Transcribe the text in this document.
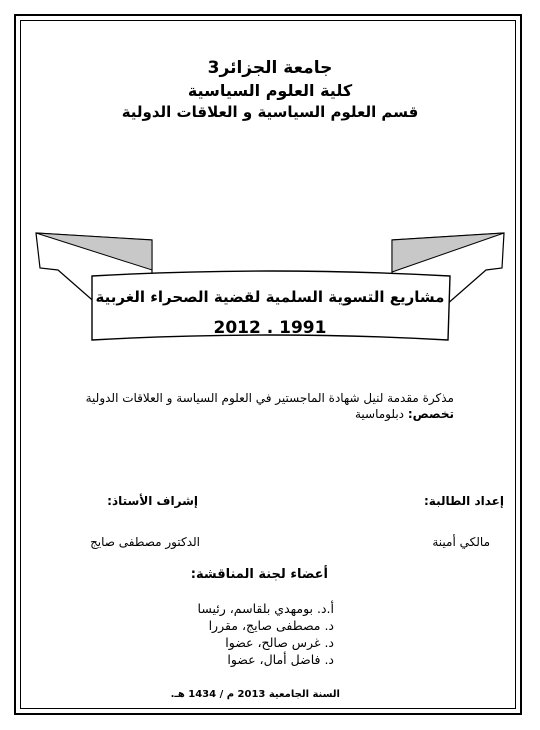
جامعة الجزائر3
كلية العلوم السياسية
قسم العلوم السياسية و العلاقات الدولية
مشاريع التسوية السلمية لقضية الصحراء الغربية
1991 . 2012
مذكرة مقدمة لنيل شهادة الماجستير في العلوم السياسة و العلاقات الدولية
تخصص: دبلوماسية
إعداد الطالبة:
إشراف الأستاذ:
مالكي أمينة
الدكتور مصطفى صايج
أعضاء لجنة المناقشة:
أ.د. بومهدي بلقاسم، رئيسا
د. مصطفى صايج، مقررا
د. غرس صالح، عضوا
د. فاضل أمال، عضوا
السنة الجامعية 2013 م / 1434 هـ.
